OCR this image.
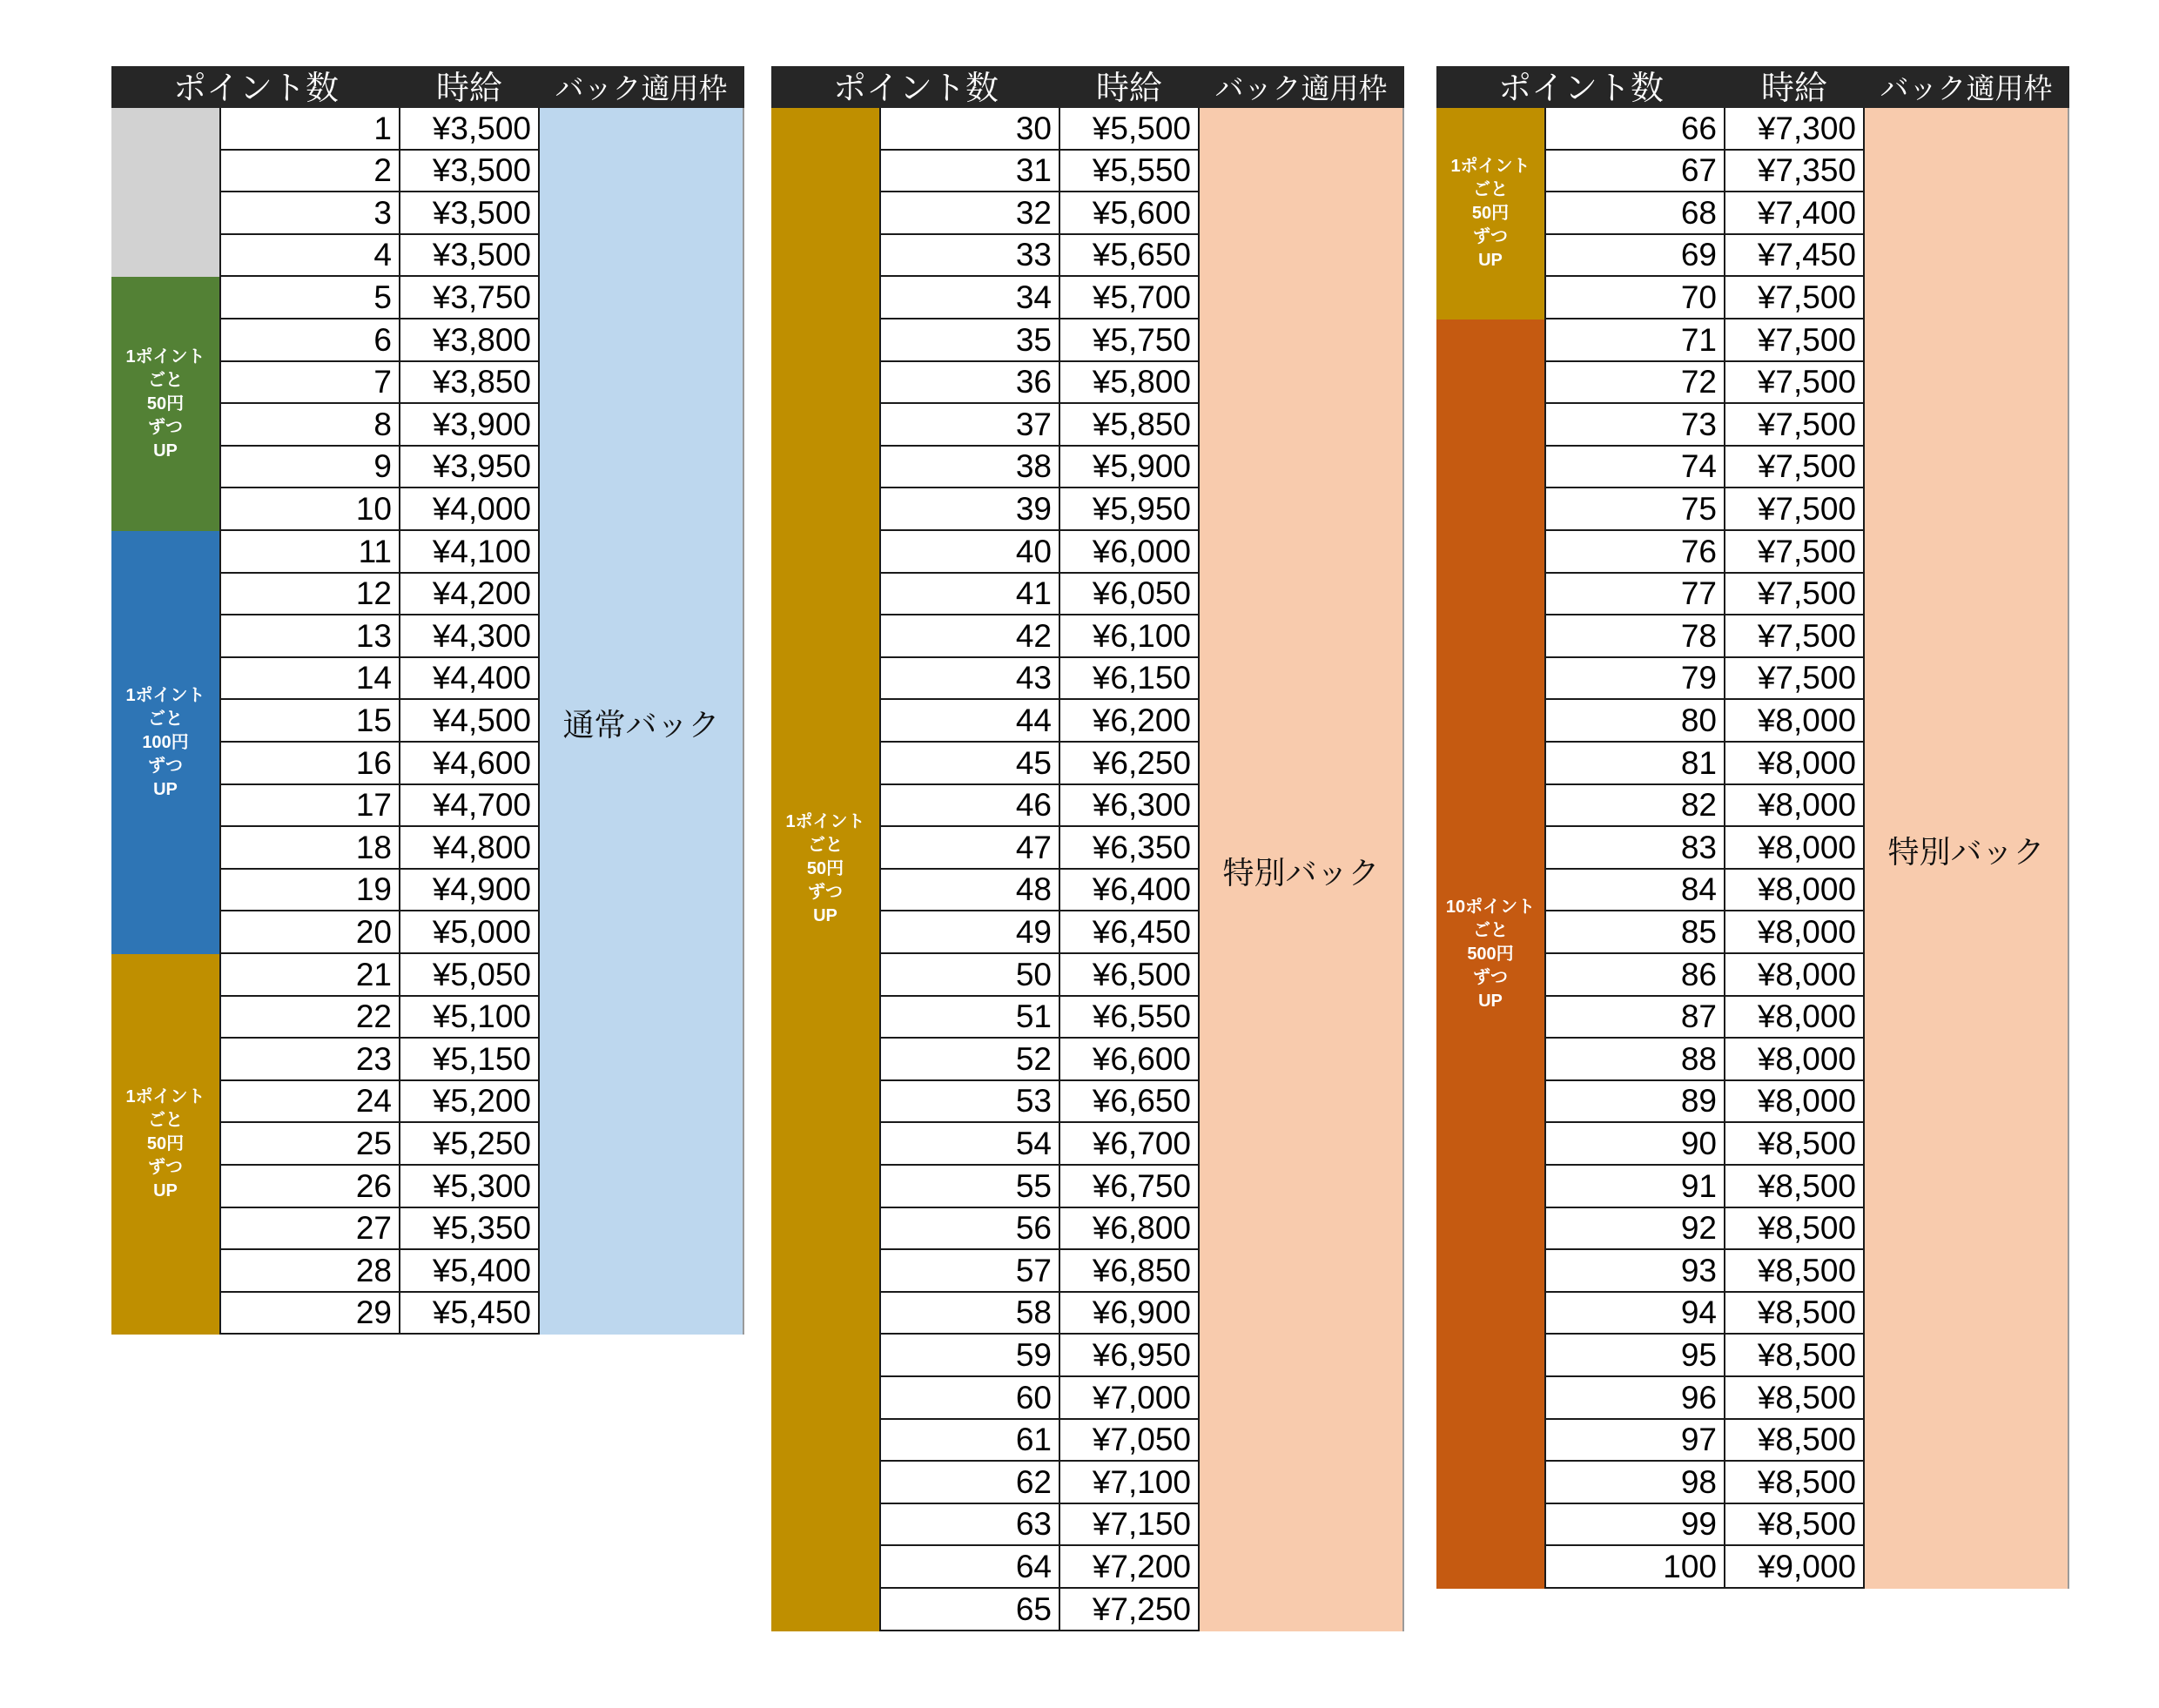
ポイント数	時給	バック適用枠
1ポイント
ごと
50円
ずつ
UP
1ポイント
ごと
100円
ずつ
UP
1ポイント
ごと
50円
ずつ
UP
通常バック
1 ¥3,500
2 ¥3,500
3 ¥3,500
4 ¥3,500
5 ¥3,750
6 ¥3,800
7 ¥3,850
8 ¥3,900
9 ¥3,950
10 ¥4,000
11 ¥4,100
12 ¥4,200
13 ¥4,300
14 ¥4,400
15 ¥4,500
16 ¥4,600
17 ¥4,700
18 ¥4,800
19 ¥4,900
20 ¥5,000
21 ¥5,050
22 ¥5,100
23 ¥5,150
24 ¥5,200
25 ¥5,250
26 ¥5,300
27 ¥5,350
28 ¥5,400
29 ¥5,450
ポイント数	時給	バック適用枠
1ポイント
ごと
50円
ずつ
UP
特別バック
30 ¥5,500
31 ¥5,550
32 ¥5,600
33 ¥5,650
34 ¥5,700
35 ¥5,750
36 ¥5,800
37 ¥5,850
38 ¥5,900
39 ¥5,950
40 ¥6,000
41 ¥6,050
42 ¥6,100
43 ¥6,150
44 ¥6,200
45 ¥6,250
46 ¥6,300
47 ¥6,350
48 ¥6,400
49 ¥6,450
50 ¥6,500
51 ¥6,550
52 ¥6,600
53 ¥6,650
54 ¥6,700
55 ¥6,750
56 ¥6,800
57 ¥6,850
58 ¥6,900
59 ¥6,950
60 ¥7,000
61 ¥7,050
62 ¥7,100
63 ¥7,150
64 ¥7,200
65 ¥7,250
ポイント数	時給	バック適用枠
1ポイント
ごと
50円
ずつ
UP
10ポイント
ごと
500円
ずつ
UP
特別バック
66 ¥7,300
67 ¥7,350
68 ¥7,400
69 ¥7,450
70 ¥7,500
71 ¥7,500
72 ¥7,500
73 ¥7,500
74 ¥7,500
75 ¥7,500
76 ¥7,500
77 ¥7,500
78 ¥7,500
79 ¥7,500
80 ¥8,000
81 ¥8,000
82 ¥8,000
83 ¥8,000
84 ¥8,000
85 ¥8,000
86 ¥8,000
87 ¥8,000
88 ¥8,000
89 ¥8,000
90 ¥8,500
91 ¥8,500
92 ¥8,500
93 ¥8,500
94 ¥8,500
95 ¥8,500
96 ¥8,500
97 ¥8,500
98 ¥8,500
99 ¥8,500
100 ¥9,000
